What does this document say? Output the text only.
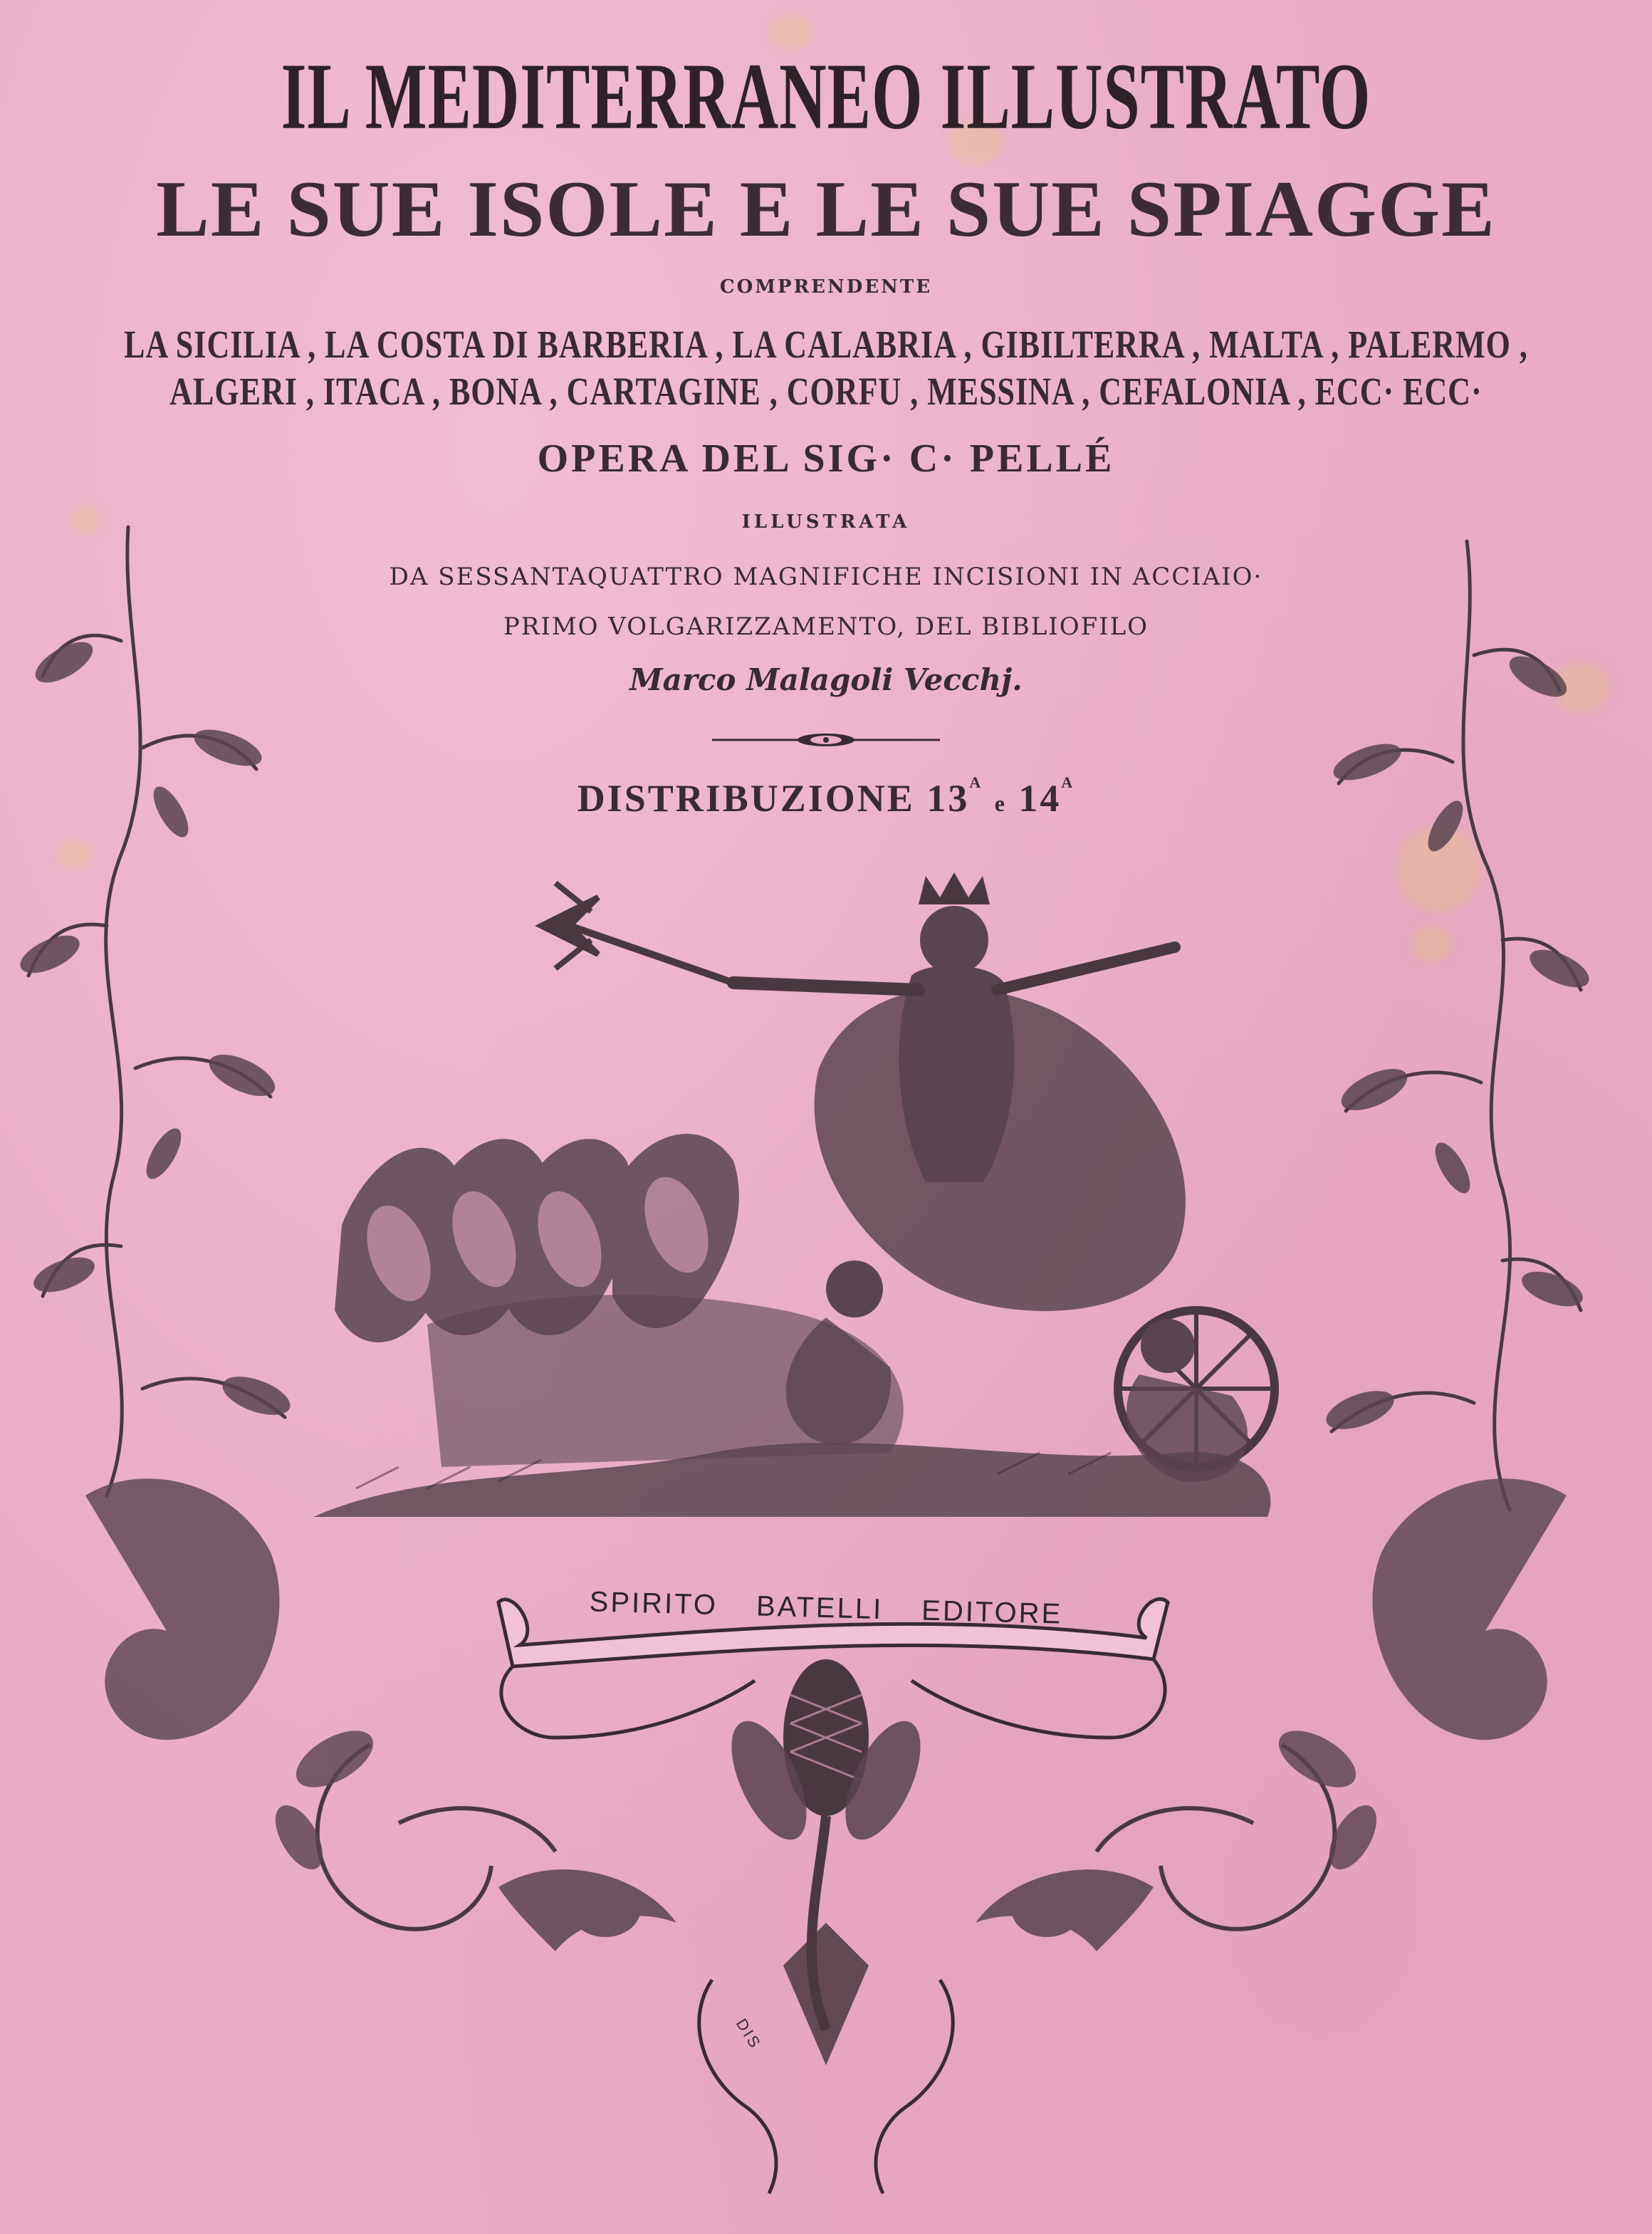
IL MEDITERRANEO ILLUSTRATO
LE SUE ISOLE E LE SUE SPIAGGE
COMPRENDENTE
LA SICILIA , LA COSTA DI BARBERIA , LA CALABRIA , GIBILTERRA , MALTA , PALERMO ,
ALGERI , ITACA , BONA , CARTAGINE , CORFU , MESSINA , CEFALONIA , ECC· ECC·
OPERA DEL SIG· C· PELLÉ
ILLUSTRATA
DA SESSANTAQUATTRO MAGNIFICHE INCISIONI IN ACCIAIO·
PRIMO VOLGARIZZAMENTO, DEL BIBLIOFILO
Marco Malagoli Vecchj.
DISTRIBUZIONE $13^A$ e $14^A$
SPIRITO BATELLI EDITORE
DIS
